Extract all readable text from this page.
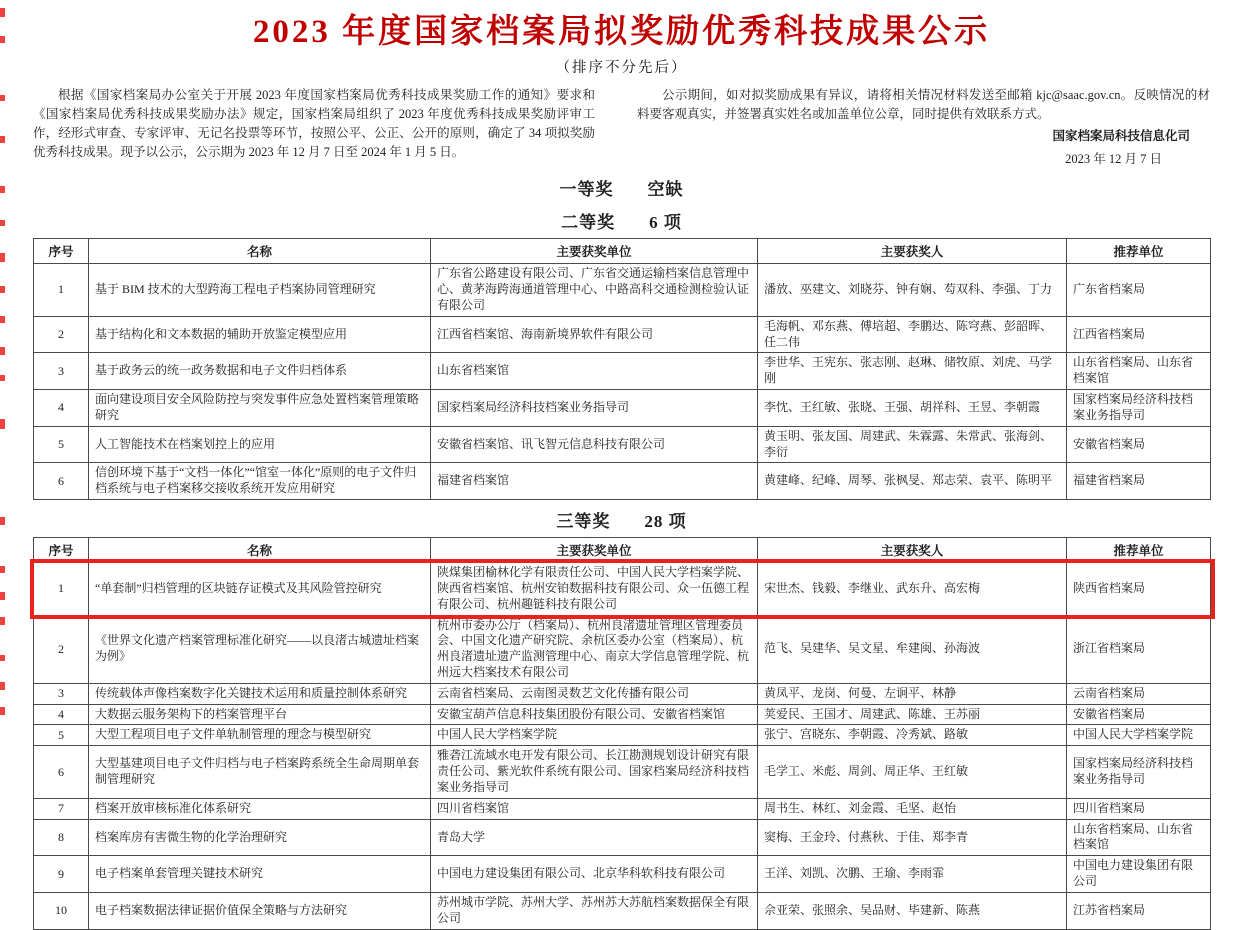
2023 年度国家档案局拟奖励优秀科技成果公示
（排序不分先后）

根据《国家档案局办公室关于开展 2023 年度国家档案局优秀科技成果奖励工作的通知》要求和《国家档案局优秀科技成果奖励办法》规定，国家档案局组织了 2023 年度优秀科技成果奖励评审工作，经形式审查、专家评审、无记名投票等环节，按照公平、公正、公开的原则，确定了 34 项拟奖励优秀科技成果。现予以公示，公示期为 2023 年 12 月 7 日至 2024 年 1 月 5 日。

公示期间，如对拟奖励成果有异议，请将相关情况材料发送至邮箱 kjc@saac.gov.cn。反映情况的材料要客观真实，并签署真实姓名或加盖单位公章，同时提供有效联系方式。

国家档案局科技信息化司
2023 年 12 月 7 日
一等奖 空缺
二等奖 6 项
序号	名称	主要获奖单位	主要获奖人	推荐单位
1	基于 BIM 技术的大型跨海工程电子档案协同管理研究	广东省公路建设有限公司、广东省交通运输档案信息管理中心、黄茅海跨海通道管理中心、中路高科交通检测检验认证有限公司	潘放、巫建文、刘晓芬、钟有娴、芶双科、李强、丁力	广东省档案局
2	基于结构化和文本数据的辅助开放鉴定模型应用	江西省档案馆、海南新境界软件有限公司	毛海帆、邓东燕、傅培超、李鹏达、陈穹燕、彭韶晖、任二伟	江西省档案局
3	基于政务云的统一政务数据和电子文件归档体系	山东省档案馆	李世华、王宪东、张志刚、赵琳、储牧原、刘虎、马学刚	山东省档案局、山东省档案馆
4	面向建设项目安全风险防控与突发事件应急处置档案管理策略研究	国家档案局经济科技档案业务指导司	李忱、王红敏、张晓、王强、胡祥科、王昱、李朝霞	国家档案局经济科技档案业务指导司
5	人工智能技术在档案划控上的应用	安徽省档案馆、讯飞智元信息科技有限公司	黄玉明、张友国、周建武、朱霖露、朱常武、张海剑、李衍	安徽省档案局
6	信创环境下基于“文档一体化”“馆室一体化”原则的电子文件归档系统与电子档案移交接收系统开发应用研究	福建省档案馆	黄建峰、纪峰、周琴、张枫旻、郑志荣、袁平、陈明平	福建省档案局
三等奖 28 项
序号	名称	主要获奖单位	主要获奖人	推荐单位
1	“单套制”归档管理的区块链存证模式及其风险管控研究	陕煤集团榆林化学有限责任公司、中国人民大学档案学院、陕西省档案馆、杭州安铂数据科技有限公司、众一伍德工程有限公司、杭州趣链科技有限公司	宋世杰、钱毅、李继业、武东升、高宏梅	陕西省档案局
2	《世界文化遗产档案管理标准化研究——以良渚古城遗址档案为例》	杭州市委办公厅（档案局）、杭州良渚遗址管理区管理委员会、中国文化遗产研究院、余杭区委办公室（档案局）、杭州良渚遗址遗产监测管理中心、南京大学信息管理学院、杭州远大档案技术有限公司	范飞、吴建华、吴文星、牟建闽、孙海波	浙江省档案局
3	传统载体声像档案数字化关键技术运用和质量控制体系研究	云南省档案局、云南图灵数艺文化传播有限公司	黄凤平、龙岗、何曼、左诇平、林静	云南省档案局
4	大数据云服务架构下的档案管理平台	安徽宝葫芦信息科技集团股份有限公司、安徽省档案馆	荚爱民、王国才、周建武、陈雄、王苏丽	安徽省档案局
5	大型工程项目电子文件单轨制管理的理念与模型研究	中国人民大学档案学院	张宁、宫晓东、李朝霞、冷秀斌、路敏	中国人民大学档案学院
6	大型基建项目电子文件归档与电子档案跨系统全生命周期单套制管理研究	雅砻江流域水电开发有限公司、长江勘测规划设计研究有限责任公司、紫光软件系统有限公司、国家档案局经济科技档案业务指导司	毛学工、米彪、周剑、周正华、王红敏	国家档案局经济科技档案业务指导司
7	档案开放审核标准化体系研究	四川省档案馆	周书生、林红、刘金霞、毛坚、赵怡	四川省档案局
8	档案库房有害微生物的化学治理研究	青岛大学	窦梅、王金玲、付燕秋、于佳、郑李青	山东省档案局、山东省档案馆
9	电子档案单套管理关键技术研究	中国电力建设集团有限公司、北京华科软科技有限公司	王洋、刘凯、次鹏、王瑜、李雨霏	中国电力建设集团有限公司
10	电子档案数据法律证据价值保全策略与方法研究	苏州城市学院、苏州大学、苏州苏大苏航档案数据保全有限公司	佘亚荣、张照余、吴品财、毕建新、陈燕	江苏省档案局
